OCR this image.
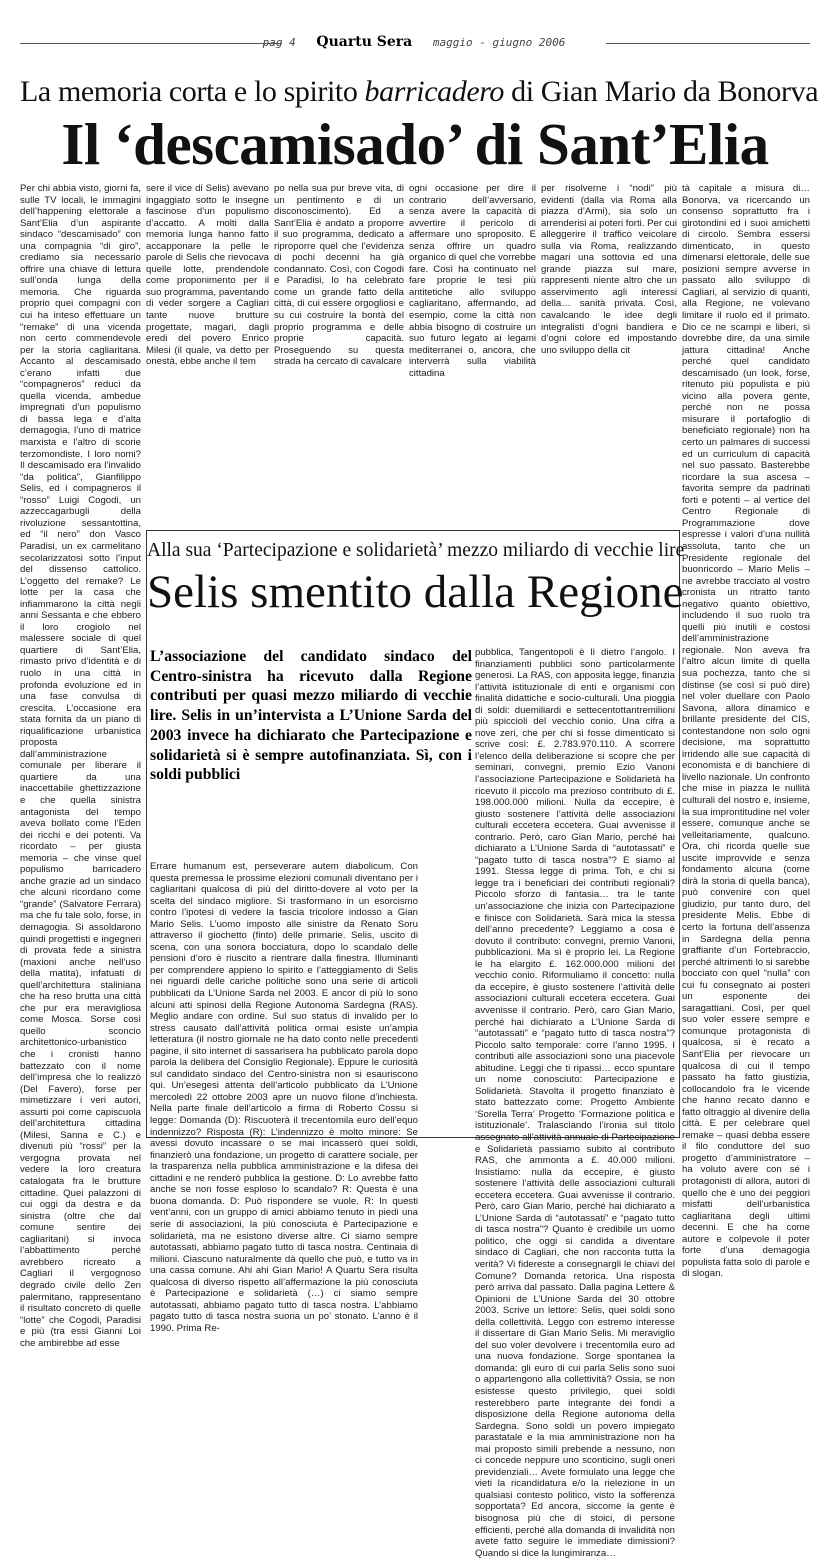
pag 4 Quartu Sera maggio - giugno 2006
La memoria corta e lo spirito barricadero di Gian Mario da Bonorva
Il ‘descamisado’ di Sant’Elia

Per chi abbia visto, giorni fa, sulle TV locali, le immagini dell’happening elettorale a Sant’Elia d’un aspirante sindaco “descamisado” con una compagnia “di giro”, crediamo sia necessario offrire una chiave di lettura sull’onda lunga della memoria. Che riguarda proprio quei compagni con cui ha inteso effettuare un “remake” di una vicenda non certo commendevole per la storia cagliaritana. Accanto al descamisado c’erano infatti due “compagneros” reduci da quella vicenda, ambedue impregnati d’un populismo di bassa lega e d’alta demagogia, l’uno di matrice marxista e l’altro di scorie terzomondiste. I loro nomi? Il descamisado era l’invalido “da politica”, Gianfilippo Selis, ed i compagneros il “rosso” Luigi Cogodi, un azzeccagarbugli della rivoluzione sessantottina, ed “il nero” don Vasco Paradisi, un ex carmelitano secolarizzatosi sotto l’input del dissenso cattolico. L’oggetto del remake? Le lotte per la casa che infiammarono la città negli anni Sessanta e che ebbero il loro crogiolo nel malessere sociale di quel quartiere di Sant’Elia, rimasto privo d’identità e di ruolo in una città in profonda evoluzione ed in una fase convulsa di crescita. L’occasione era stata fornita da un piano di riqualificazione urbanistica proposta dall’amministrazione comunale per liberare il quartiere da una inaccettabile ghettizzazione e che quella sinistra antagonista del tempo aveva bollato come l’Eden dei ricchi e dei potenti. Va ricordato – per giusta memoria – che vinse quel populismo barricadero anche grazie ad un sindaco che alcuni ricordano come “grande” (Salvatore Ferrara) ma che fu tale solo, forse, in demagogia. Si assoldarono quindi progettisti e ingegneri di provata fede a sinistra (maxioni anche nell’uso della matita), infatuati di quell’architettura staliniana che ha reso brutta una città che pur era meravigliosa come Mosca. Sorse così quello sconcio architettonico-urbanistico che i cronisti hanno battezzato con il nome dell’impresa che lo realizzò (Del Favero), forse per mimetizzare i veri autori, assurti poi come capiscuola dell’architettura cittadina (Milesi, Sanna e C.) e divenuti più “rossi” per la vergogna provata nel vedere la loro creatura catalogata fra le brutture cittadine. Quei palazzoni di cui oggi da destra e da sinistra (oltre che dal comune sentire dei cagliaritani) si invoca l’abbattimento perché avrebbero ricreato a Cagliari il vergognoso degrado civile dello Zen palermitano, rappresentano il risultato concreto di quelle “lotte” che Cogodi, Paradisi e più (tra essi Gianni Loi che ambirebbe ad esse

sere il vice di Selis) avevano ingaggiato sotto le insegne fascinose d’un populismo d’accatto. A molti dalla memoria lunga hanno fatto accapponare la pelle le parole di Selis che rievocava quelle lotte, prendendole come proponimento per il suo programma, paventando di veder sorgere a Cagliari tante nuove brutture progettate, magari, dagli eredi del povero Enrico Milesi (il quale, va detto per onestà, ebbe anche il tem

po nella sua pur breve vita, di un pentimento e di un disconoscimento). Ed a Sant’Elia è andato a proporre il suo programma, dedicato a riproporre quel che l’evidenza di pochi decenni ha già condannato. Così, con Cogodi e Paradisi, lo ha celebrato come un grande fatto della città, di cui essere orgogliosi e su cui costruire la bontà del proprio programma e delle proprie capacità. Proseguendo su questa strada ha cercato di cavalcare

ogni occasione per dire il contrario dell’avversario, senza avere la capacità di avvertire il pericolo di affermare uno sproposito. E senza offrire un quadro organico di quel che vorrebbe fare. Così ha continuato nel fare proprie le tesi più antitetiche allo sviluppo cagliaritano, affermando, ad esempio, come la città non abbia bisogno di costruire un suo futuro legato ai legami mediterranei o, ancora, che interverrà sulla viabilità cittadina

per risolverne i “nodi” più evidenti (dalla via Roma alla piazza d’Armi), sia solo un arrenderisi ai poteri forti. Per cui alleggerire il traffico veicolare sulla via Roma, realizzando magari una sottovia ed una grande piazza sul mare, rappresenti niente altro che un asservimento agli interessi della… sanità privata. Così, cavalcando le idee degli integralisti d’ogni bandiera e d’ogni colore ed impostando uno sviluppo della cit

tà capitale a misura di… Bonorva, va ricercando un consenso soprattutto fra i girotondini ed i suoi amichetti di circolo. Sembra essersi dimenticato, in questo dimenarsi elettorale, delle sue posizioni sempre avverse in passato allo sviluppo di Cagliari, al servizio di quanti, alla Regione, ne volevano limitare il ruolo ed il primato. Dio ce ne scampi e liberi, si dovrebbe dire, da una simile jattura cittadina! Anche perché quel candidato descamisado (un look, forse, ritenuto più populista e più vicino alla povera gente, perché non ne possa misurare il portafoglio di beneficiato regionale) non ha certo un palmares di successi ed un curriculum di capacità nel suo passato. Basterebbe ricordare la sua ascesa – favorita sempre da padrinati forti e potenti – al vertice del Centro Regionale di Programmazione dove espresse i valori d’una nullità assoluta, tanto che un Presidente regionale del buonricordo – Mario Melis – ne avrebbe tracciato al vostro cronista un ritratto tanto negativo quanto obiettivo, includendo il suo ruolo tra quelli più inutili e costosi dell’amministrazione regionale. Non aveva fra l’altro alcun limite di quella sua pochezza, tanto che si distinse (se così si può dire) nel voler duellare con Paolo Savona, allora dinamico e brillante presidente del CIS, contestandone non solo ogni decisione, ma soprattutto irridendo alle sue capacità di economista e di banchiere di livello nazionale. Un confronto che mise in piazza le nullità culturali del nostro e, insieme, la sua improntitudine nel voler essere, comunque anche se velleitariamente, qualcuno. Ora, chi ricorda quelle sue uscite improvvide e senza fondamento alcuna (come dirà la storia di quella banca), può convenire con quel giudizio, pur tanto duro, del presidente Melis. Ebbe di certo la fortuna dell’assenza in Sardegna della penna graffiante d’un Fortebraccio, perché altrimenti lo si sarebbe bocciato con quel “nulla” con cui fu consegnato ai posteri un esponente dei saragattiani. Così, per quel suo voler essere sempre e comunque protagonista di qualcosa, si è recato a Sant’Elia per rievocare un qualcosa di cui il tempo passato ha fatto giustizia, collocandolo fra le vicende che hanno recato danno e fatto oltraggio al divenire della città. E per celebrare quel remake – quasi debba essere il filo conduttore del suo progetto d’amministratore – ha voluto avere con sé i protagonisti di allora, autori di quello che è uno dei peggiori misfatti dell’urbanistica cagliaritana degli ultimi decenni. E che ha come autore e colpevole il poter forte d’una demagogia populista fatta solo di parole e di slogan.

Alla sua ‘Partecipazione e solidarietà’ mezzo miliardo di vecchie lire
Selis smentito dalla Regione
L’associazione del candidato sindaco del Centro-sinistra ha ricevuto dalla Regione contributi per quasi mezzo miliardo di vecchie lire. Selis in un’intervista a L’Unione Sarda del 2003 invece ha dichiarato che Partecipazione e solidarietà si è sempre autofinanziata. Sì, con i soldi pubblici

Errare humanum est, perseverare autem diabolicum. Con questa premessa le prossime elezioni comunali diventano per i cagliaritani qualcosa di più del diritto-dovere al voto per la scelta del sindaco migliore. Si trasformano in un esorcismo contro l’ipotesi di vedere la fascia tricolore indosso a Gian Mario Selis. L’uomo imposto alle sinistre da Renato Soru attraverso il giochetto (finto) delle primarie. Selis, uscito di scena, con una sonora bocciatura, dopo lo scandalo delle pensioni d’oro è riuscito a rientrare dalla finestra. Illuminanti per comprendere appieno lo spirito e l’atteggiamento di Selis nei riguardi delle cariche politiche sono una serie di articoli pubblicati da L’Unione Sarda nel 2003. E ancor di più lo sono alcuni atti spinosi della Regione Autonoma Sardegna (RAS). Meglio andare con ordine. Sul suo status di invalido per lo stress causato dall’attività politica ormai esiste un’ampia letteratura (il nostro giornale ne ha dato conto nelle precedenti pagine, il sito internet di sassarisera ha pubblicato parola dopo parola la delibera del Consiglio Regionale). Eppure le curiosità sul candidato sindaco del Centro-sinistra non si esauriscono qui. Un’esegesi attenta dell’articolo pubblicato da L’Unione mercoledì 22 ottobre 2003 apre un nuovo filone d’inchiesta. Nella parte finale dell’articolo a firma di Roberto Cossu si legge: Domanda (D): Riscuoterà il trecentomila euro dell’equo indennizzo? Risposta (R): L’indennizzo è molto minore: Se avessi dovuto incassare o se mai incasserò quei soldi, finanzierò una fondazione, un progetto di carattere sociale, per la trasparenza nella pubblica amministrazione e la difesa dei cittadini e ne renderò pubblica la gestione. D: Lo avrebbe fatto anche se non fosse esploso lo scandalo? R: Questa è una buona domanda. D: Può rispondere se vuole. R: In questi vent’anni, con un gruppo di amici abbiamo tenuto in piedi una serie di associazioni, la più conosciuta è Partecipazione e solidarietà, ma ne esistono diverse altre. Ci siamo sempre autotassati, abbiamo pagato tutto di tasca nostra. Centinaia di milioni. Ciascuno naturalmente dà quello che può, e tutto va in una cassa comune. Ahi ahi Gian Mario! A Quartu Sera risulta qualcosa di diverso rispetto all’affermazione la più conosciuta è Partecipazione e solidarietà (…) ci siamo sempre autotassati, abbiamo pagato tutto di tasca nostra. L’abbiamo pagato tutto di tasca nostra suona un po’ stonato. L’anno è il 1990. Prima Re-

pubblica, Tangentopoli è lì dietro l’angolo. I finanziamenti pubblici sono particolarmente generosi. La RAS, con apposita legge, finanzia l’attività istituzionale di enti e organismi con finalità didattiche e socio-culturali. Una pioggia di soldi: duemiliardi e settecentottantremilioni più spiccioli del vecchio conio. Una cifra a nove zeri, che per chi si fosse dimenticato si scrive così: £. 2.783.970.110. A scorrere l’elenco della deliberazione si scopre che per seminari, convegni, premio Ezio Vanoni l’associazione Partecipazione e Solidarietà ha ricevuto il piccolo ma prezioso contributo di £. 198.000.000 milioni. Nulla da eccepire, è giusto sostenere l’attività delle associazioni culturali eccetera eccetera. Guai avvenisse il contrario. Però, caro Gian Mario, perché hai dichiarato a L’Unione Sarda di “autotassati” e “pagato tutto di tasca nostra”? E siamo al 1991. Stessa legge di prima. Toh, e chi si legge tra i beneficiari dei contributi regionali? Piccolo sforzo di fantasia… tra le tante un’associazione che inizia con Partecipazione e finisce con Solidarietà. Sarà mica la stessa dell’anno precedente? Leggiamo a cosa è dovuto il contributo: convegni, premio Vanoni, pubblicazioni. Ma sì è proprio lei. La Regione le ha elargito £. 162.000.000 milioni del vecchio conio. Riformuliamo il concetto: nulla da eccepire, è giusto sostenere l’attività delle associazioni culturali eccetera eccetera. Guai avvenisse il contrario. Però, caro Gian Mario, perché hai dichiarato a L’Unione Sarda di “autotassati” e “pagato tutto di tasca nostra”? Piccolo salto temporale: corre l’anno 1995. I contributi alle associazioni sono una piacevole abitudine. Leggi che ti ripassi… ecco spuntare un nome conosciuto: Partecipazione e Solidarietà. Stavolta il progetto finanziato è stato battezzato come: Progetto Ambiente ‘Sorella Terra’ Progetto ‘Formazione politica e istituzionale’. Tralasciando l’ironia sul titolo assegnato all’attività annuale di Partecipazione e Solidarietà passiamo subito al contributo RAS, che ammonta a £. 40.000 milioni. Insistiamo: nulla da eccepire, è giusto sostenere l’attività delle associazioni culturali eccetera eccetera. Guai avvenisse il contrario. Però, caro Gian Mario, perché hai dichiarato a L’Unione Sarda di “autotassati” e “pagato tutto di tasca nostra”? Quanto è credibile un uomo politico, che oggi si candida a diventare sindaco di Cagliari, che non racconta tutta la verità? Vi fidereste a consegnargli le chiavi del Comune? Domanda retorica. Una risposta però arriva dal passato. Dalla pagina Lettere & Opinioni de L’Unione Sarda del 30 ottobre 2003. Scrive un lettore: Selis, quei soldi sono della collettività. Leggo con estremo interesse il dissertare di Gian Mario Selis. Mi meraviglio del suo voler devolvere i trecentomila euro ad una nuova fondazione. Sorge spontanea la domanda: gli euro di cui parla Selis sono suoi o appartengono alla collettività? Ossia, se non esistesse questo privilegio, quei soldi resterebbero parte integrante dei fondi a disposizione della Regione autonoma della Sardegna. Sono soldi un povero impiegato parastatale e la mia amministrazione non ha mai proposto simili prebende a nessuno, non ci concede neppure uno sconticino, sugli oneri previdenziali… Avete formulato una legge che vieti la ricandidatura e/o la rielezione in un qualsiasi contesto politico, visto la sofferenza sopportata? Ed ancora, siccome la gente è bisognosa più che di stoici, di persone efficienti, perché alla domanda di invalidità non avete fatto seguire le immediate dimissioni? Quando si dice la lungimiranza…
